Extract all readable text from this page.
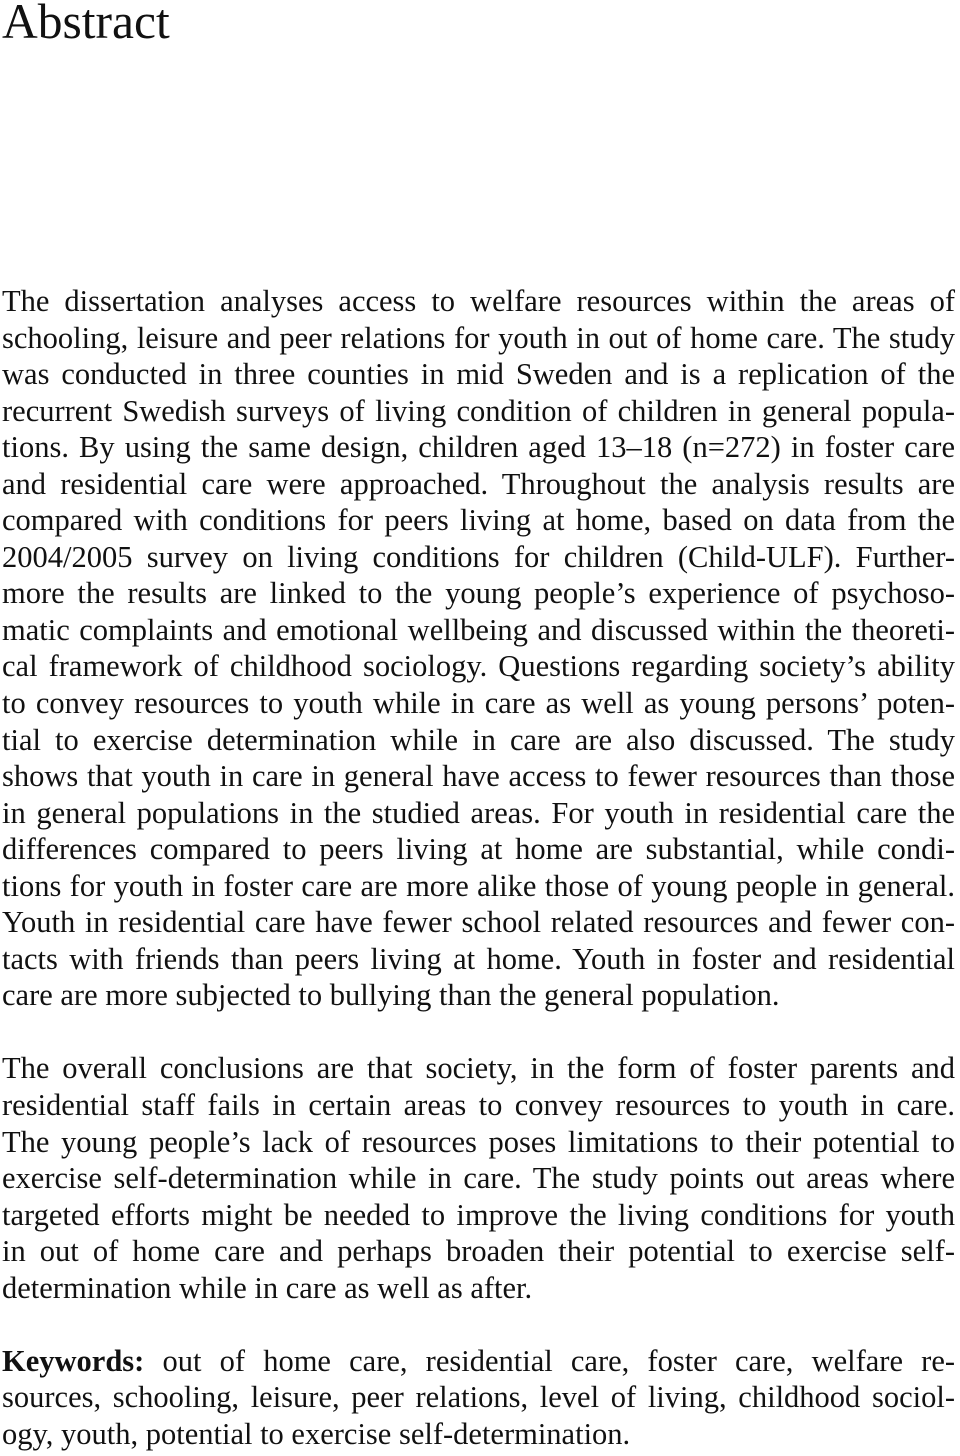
Abstract
The dissertation analyses access to welfare resources within the areas of
schooling, leisure and peer relations for youth in out of home care. The study
was conducted in three counties in mid Sweden and is a replication of the
recurrent Swedish surveys of living condition of children in general popula-
tions. By using the same design, children aged 13–18 (n=272) in foster care
and residential care were approached. Throughout the analysis results are
compared with conditions for peers living at home, based on data from the
2004/2005 survey on living conditions for children (Child-ULF). Further-
more the results are linked to the young people’s experience of psychoso-
matic complaints and emotional wellbeing and discussed within the theoreti-
cal framework of childhood sociology. Questions regarding society’s ability
to convey resources to youth while in care as well as young persons’ poten-
tial to exercise determination while in care are also discussed. The study
shows that youth in care in general have access to fewer resources than those
in general populations in the studied areas. For youth in residential care the
differences compared to peers living at home are substantial, while condi-
tions for youth in foster care are more alike those of young people in general.
Youth in residential care have fewer school related resources and fewer con-
tacts with friends than peers living at home. Youth in foster and residential
care are more subjected to bullying than the general population.
The overall conclusions are that society, in the form of foster parents and
residential staff fails in certain areas to convey resources to youth in care.
The young people’s lack of resources poses limitations to their potential to
exercise self-determination while in care. The study points out areas where
targeted efforts might be needed to improve the living conditions for youth
in out of home care and perhaps broaden their potential to exercise self-
determination while in care as well as after.
Keywords: out of home care, residential care, foster care, welfare re-
sources, schooling, leisure, peer relations, level of living, childhood sociol-
ogy, youth, potential to exercise self-determination.
